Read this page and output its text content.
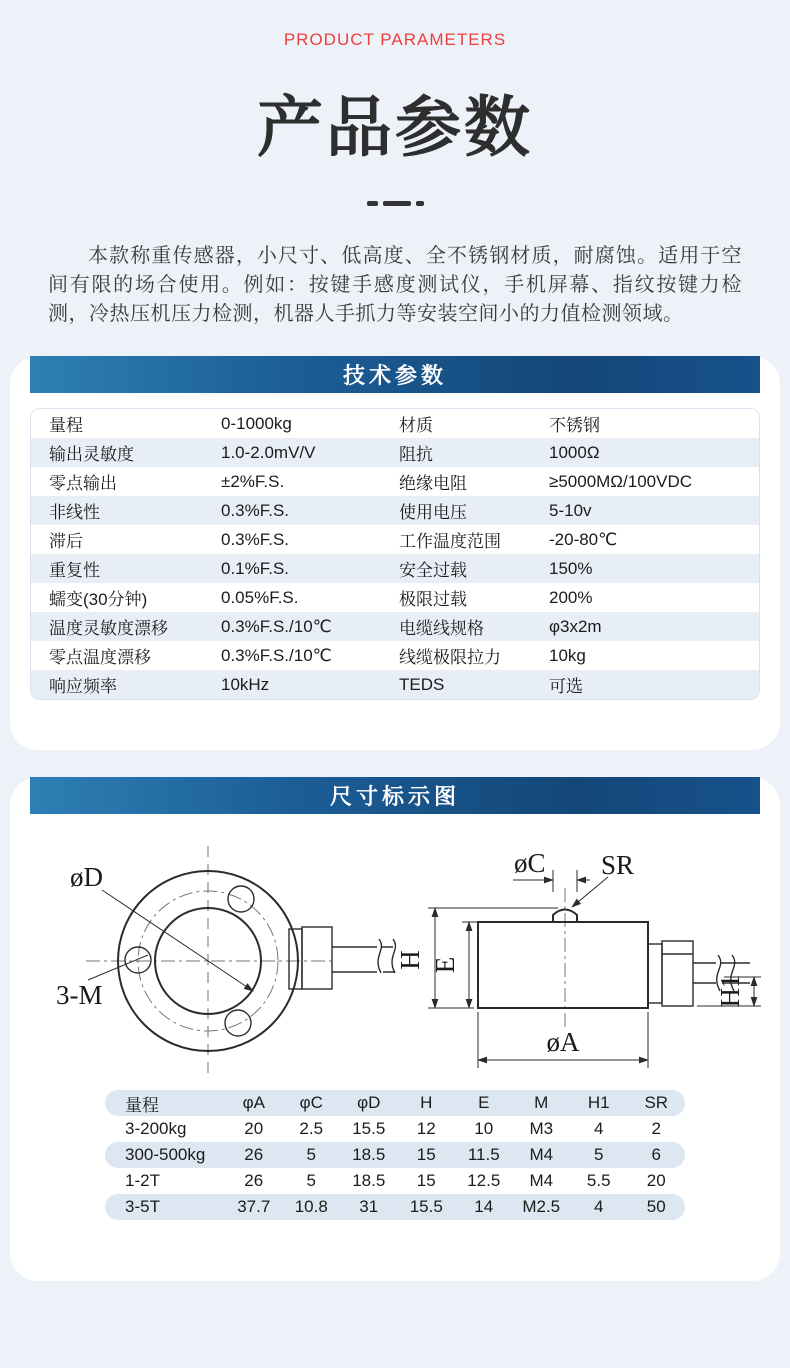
PRODUCT PARAMETERS
产品参数

本款称重传感器，小尺寸、低高度、全不锈钢材质，耐腐蚀。适用于空间有限的场合使用。例如：按键手感度测试仪，手机屏幕、指纹按键力检测，冷热压机压力检测，机器人手抓力等安装空间小的力值检测领域。

技术参数
量程	0-1000kg	材质	不锈钢
输出灵敏度	1.0-2.0mV/V	阻抗	1000Ω
零点输出	±2%F.S.	绝缘电阻	≥5000MΩ/100VDC
非线性	0.3%F.S.	使用电压	5-10v
滞后	0.3%F.S.	工作温度范围	-20-80℃
重复性	0.1%F.S.	安全过载	150%
蠕变(30分钟)	0.05%F.S.	极限过载	200%
温度灵敏度漂移	0.3%F.S./10℃	电缆线规格	φ3x2m
零点温度漂移	0.3%F.S./10℃	线缆极限拉力	10kg
响应频率	10kHz	TEDS	可选
尺寸标示图
øD
3-M
H E
øC SR
øA
H1
量程	φA	φC	φD	H	E	M	H1	SR
3-200kg	20	2.5	15.5	12	10	M3	4	2
300-500kg	26	5	18.5	15	11.5	M4	5	6
1-2T	26	5	18.5	15	12.5	M4	5.5	20
3-5T	37.7	10.8	31	15.5	14	M2.5	4	50
